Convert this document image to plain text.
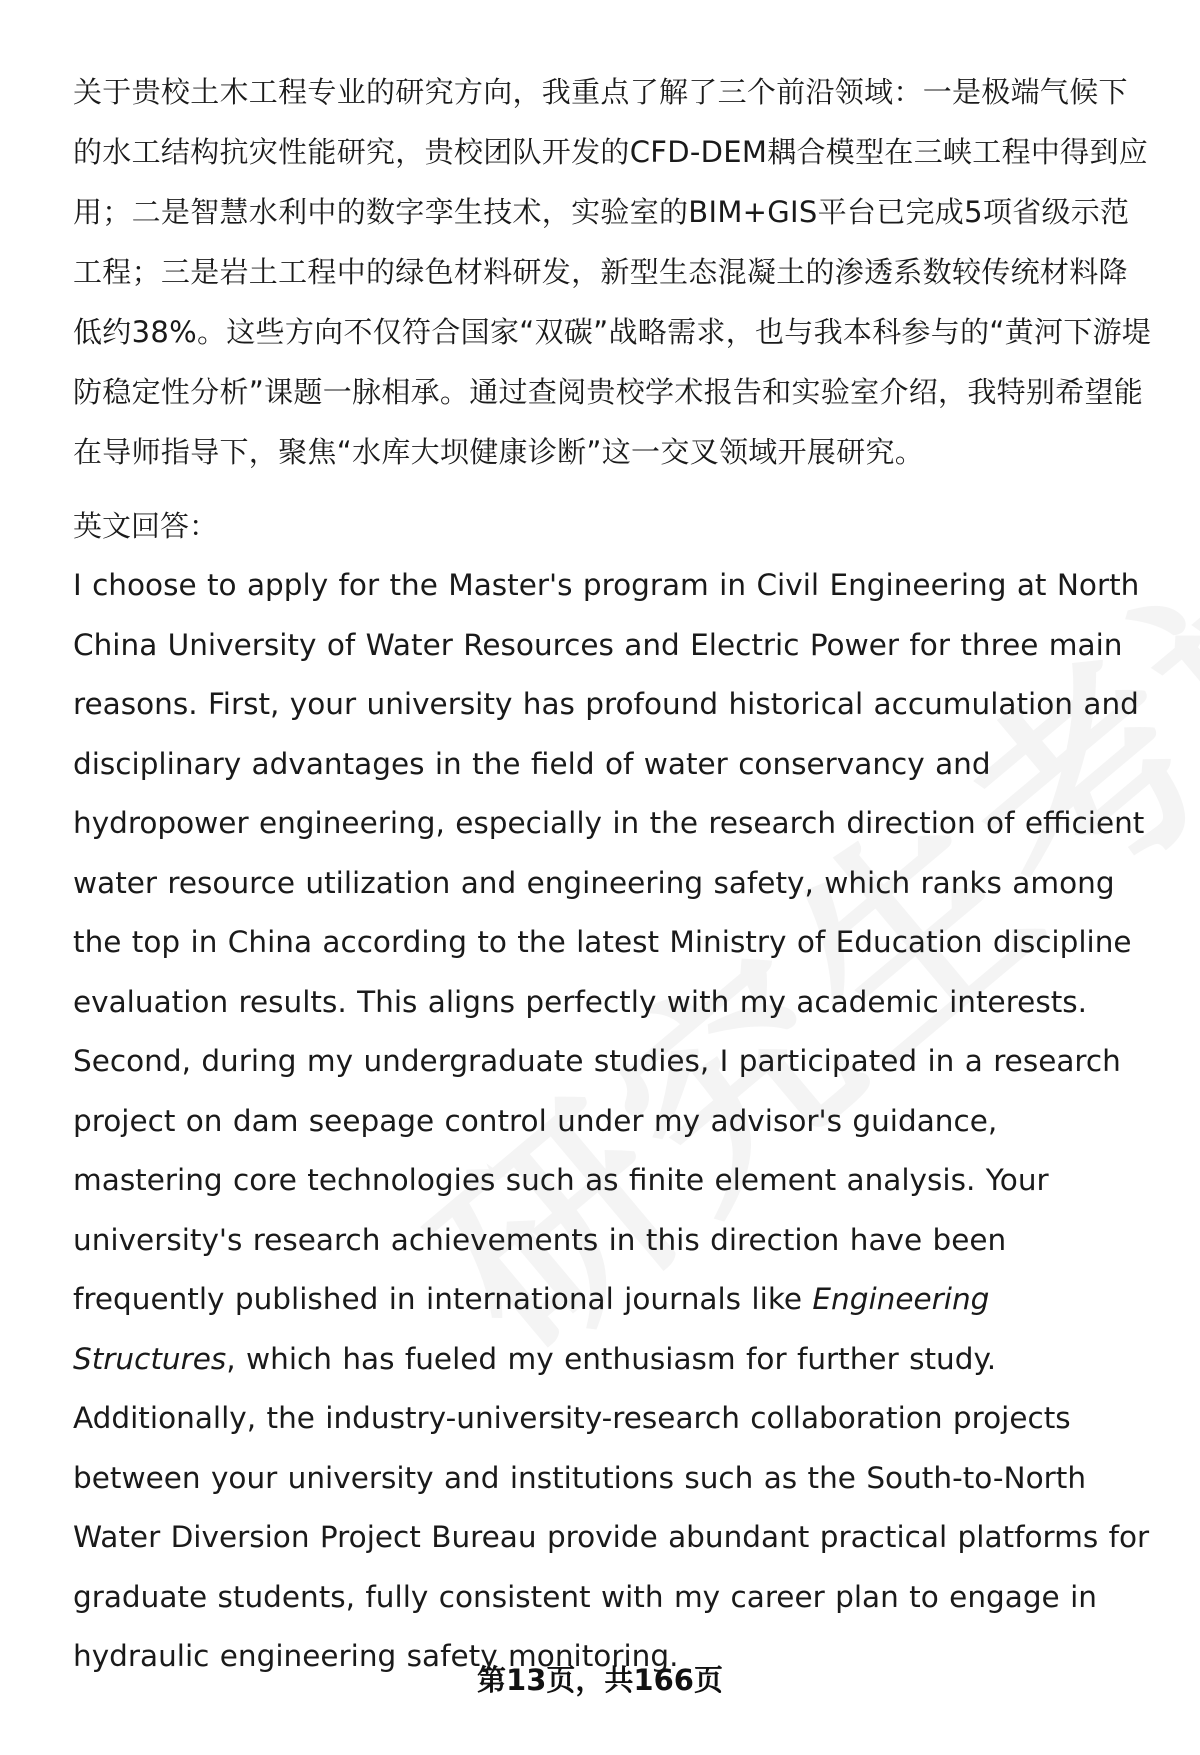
关于贵校土木工程专业的研究方向，我重点了解了三个前沿领域：一是极端气候下的水工结构抗灾性能研究，贵校团队开发的CFD-DEM耦合模型在三峡工程中得到应用；二是智慧水利中的数字孪生技术，实验室的BIM+GIS平台已完成5项省级示范工程；三是岩土工程中的绿色材料研发，新型生态混凝土的渗透系数较传统材料降低约38%。这些方向不仅符合国家“双碳”战略需求，也与我本科参与的“黄河下游堤防稳定性分析”课题一脉相承。通过查阅贵校学术报告和实验室介绍，我特别希望能在导师指导下，聚焦“水库大坝健康诊断”这一交叉领域开展研究。

英文回答：

I choose to apply for the Master's program in Civil Engineering at North China University of Water Resources and Electric Power for three main reasons. First, your university has profound historical accumulation and disciplinary advantages in the field of water conservancy and hydropower engineering, especially in the research direction of efficient water resource utilization and engineering safety, which ranks among the top in China according to the latest Ministry of Education discipline evaluation results. This aligns perfectly with my academic interests. Second, during my undergraduate studies, I participated in a research project on dam seepage control under my advisor's guidance, mastering core technologies such as finite element analysis. Your university's research achievements in this direction have been frequently published in international journals like Engineering Structures, which has fueled my enthusiasm for further study. Additionally, the industry-university-research collaboration projects between your university and institutions such as the South-to-North Water Diversion Project Bureau provide abundant practical platforms for graduate students, fully consistent with my career plan to engage in hydraulic engineering safety monitoring.

第13页，共166页
